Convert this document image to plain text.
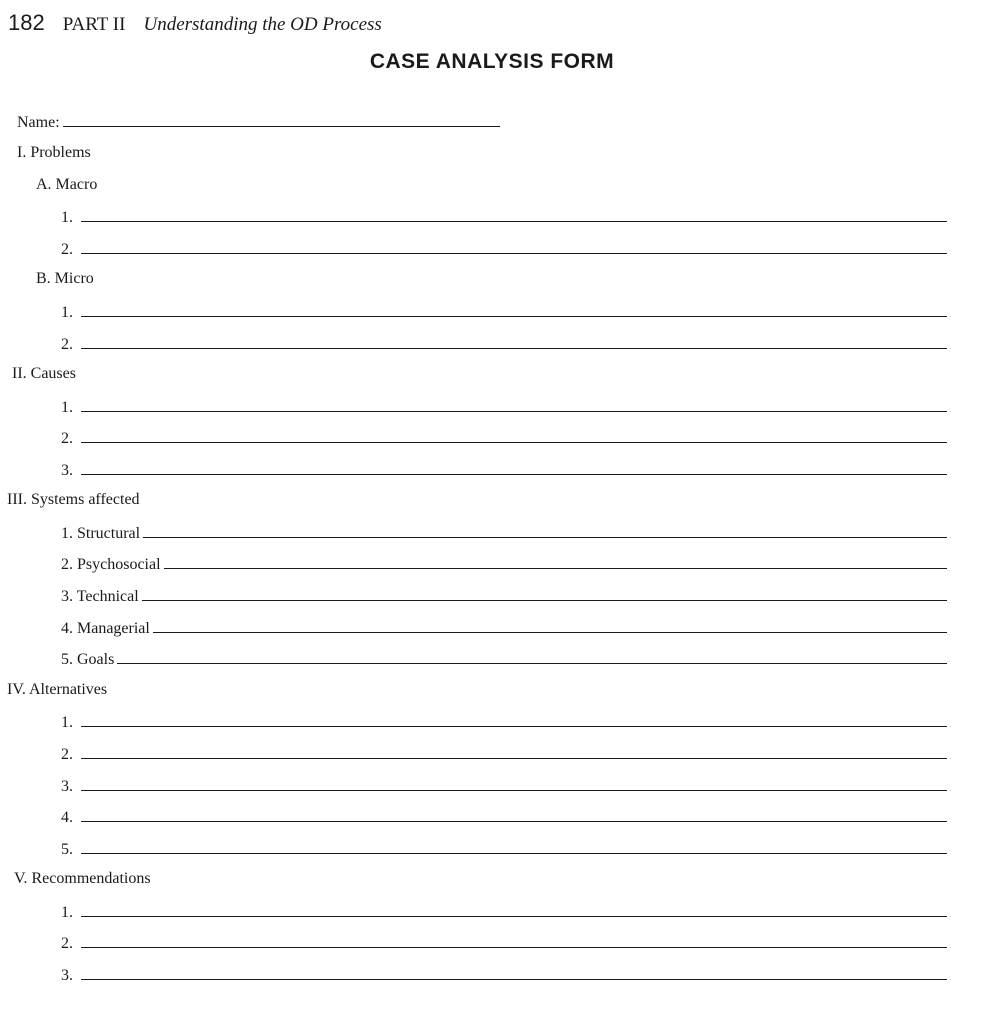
182 PART II Understanding the OD Process
CASE ANALYSIS FORM
Name:
I. Problems
A. Macro
1.
2.
B. Micro
1.
2.
II. Causes
1.
2.
3.
III. Systems affected
1. Structural
2. Psychosocial
3. Technical
4. Managerial
5. Goals
IV. Alternatives
1.
2.
3.
4.
5.
V. Recommendations
1.
2.
3.
